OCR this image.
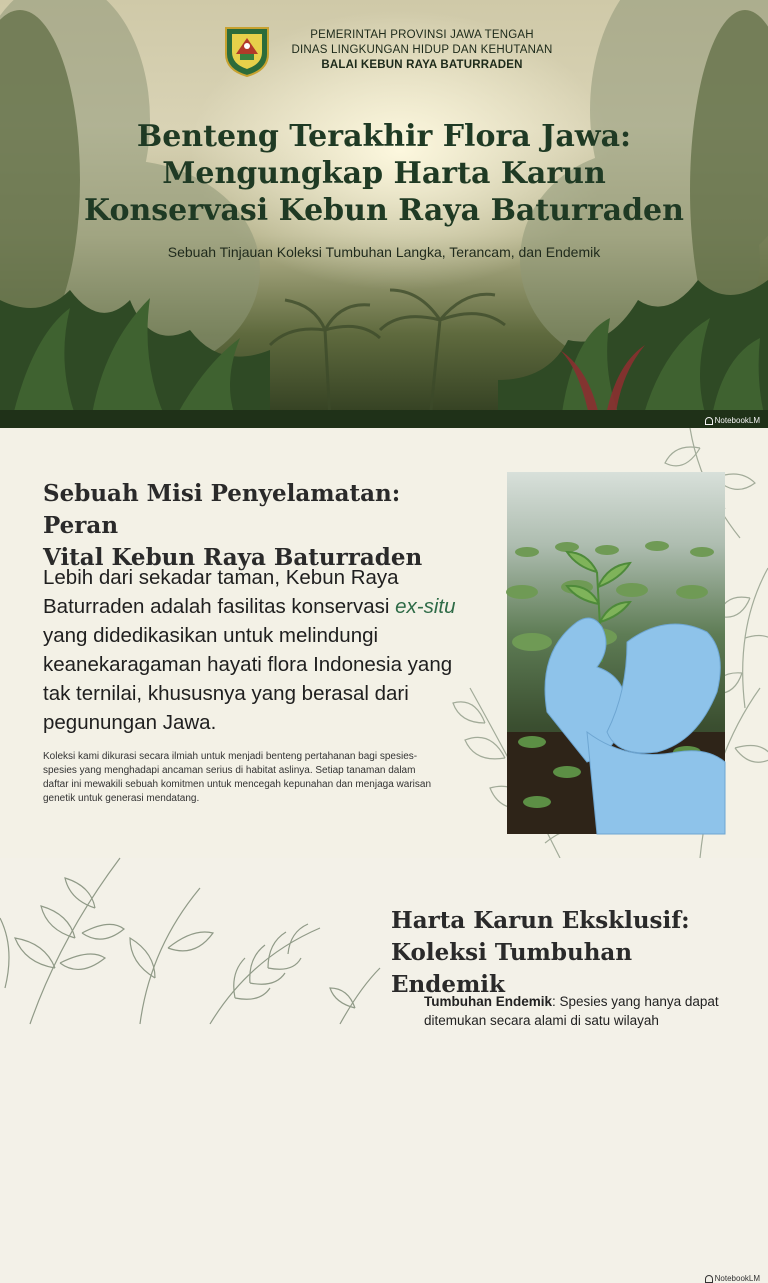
PEMERINTAH PROVINSI JAWA TENGAH
DINAS LINGKUNGAN HIDUP DAN KEHUTANAN
BALAI KEBUN RAYA BATURRADEN
Benteng Terakhir Flora Jawa:
Mengungkap Harta Karun
Konservasi Kebun Raya Baturraden
Sebuah Tinjauan Koleksi Tumbuhan Langka, Terancam, dan Endemik
NotebookLM
Sebuah Misi Penyelamatan: Peran
Vital Kebun Raya Baturraden

Lebih dari sekadar taman, Kebun Raya Baturraden adalah fasilitas konservasi ex-situ yang didedikasikan untuk melindungi keanekaragaman hayati flora Indonesia yang tak ternilai, khususnya yang berasal dari pegunungan Jawa.

Koleksi kami dikurasi secara ilmiah untuk menjadi benteng pertahanan bagi spesies-spesies yang menghadapi ancaman serius di habitat aslinya. Setiap tanaman dalam daftar ini mewakili sebuah komitmen untuk mencegah kepunahan dan menjaga warisan genetik untuk generasi mendatang.

NotebookLM
Harta Karun Eksklusif:
Koleksi Tumbuhan Endemik

Tumbuhan Endemik: Spesies yang hanya dapat ditemukan secara alami di satu wilayah
